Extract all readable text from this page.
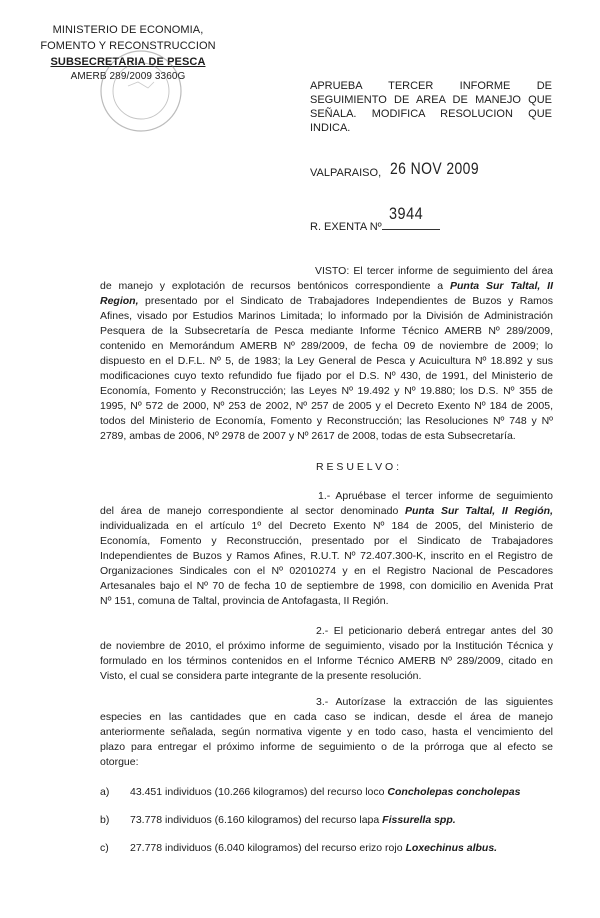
MINISTERIO DE ECONOMIA,
FOMENTO Y RECONSTRUCCION
SUBSECRETARIA DE PESCA
AMERB 289/2009 3360G
APRUEBA TERCER INFORME DE
SEGUIMIENTO DE AREA DE MANEJO QUE
SEÑALA. MODIFICA RESOLUCION QUE
INDICA.
VALPARAISO, 26 NOV 2009
R. EXENTA Nº
3944
VISTO: El tercer informe de seguimiento del área
de manejo y explotación de recursos bentónicos correspondiente a Punta Sur Taltal, II
Region, presentado por el Sindicato de Trabajadores Independientes de Buzos y Ramos
Afines, visado por Estudios Marinos Limitada; lo informado por la División de Administración
Pesquera de la Subsecretaría de Pesca mediante Informe Técnico AMERB Nº 289/2009,
contenido en Memorándum AMERB Nº 289/2009, de fecha 09 de noviembre de 2009; lo
dispuesto en el D.F.L. Nº 5, de 1983; la Ley General de Pesca y Acuicultura Nº 18.892 y sus
modificaciones cuyo texto refundido fue fijado por el D.S. Nº 430, de 1991, del Ministerio de
Economía, Fomento y Reconstrucción; las Leyes Nº 19.492 y Nº 19.880; los D.S. Nº 355 de
1995, Nº 572 de 2000, Nº 253 de 2002, Nº 257 de 2005 y el Decreto Exento Nº 184 de 2005,
todos del Ministerio de Economía, Fomento y Reconstrucción; las Resoluciones Nº 748 y Nº
2789, ambas de 2006, Nº 2978 de 2007 y Nº 2617 de 2008, todas de esta Subsecretaría.
R E S U E L V O :
1.- Apruébase el tercer informe de seguimiento
del área de manejo correspondiente al sector denominado Punta Sur Taltal, II Región,
individualizada en el artículo 1º del Decreto Exento Nº 184 de 2005, del Ministerio de
Economía, Fomento y Reconstrucción, presentado por el Sindicato de Trabajadores
Independientes de Buzos y Ramos Afines, R.U.T. Nº 72.407.300-K, inscrito en el Registro de
Organizaciones Sindicales con el Nº 02010274 y en el Registro Nacional de Pescadores
Artesanales bajo el Nº 70 de fecha 10 de septiembre de 1998, con domicilio en Avenida Prat
Nº 151, comuna de Taltal, provincia de Antofagasta, II Región.
2.- El peticionario deberá entregar antes del 30
de noviembre de 2010, el próximo informe de seguimiento, visado por la Institución Técnica y
formulado en los términos contenidos en el Informe Técnico AMERB Nº 289/2009, citado en
Visto, el cual se considera parte integrante de la presente resolución.
3.- Autorízase la extracción de las siguientes
especies en las cantidades que en cada caso se indican, desde el área de manejo
anteriormente señalada, según normativa vigente y en todo caso, hasta el vencimiento del
plazo para entregar el próximo informe de seguimiento o de la prórroga que al efecto se
otorgue:
a) 43.451 individuos (10.266 kilogramos) del recurso loco Concholepas concholepas
b) 73.778 individuos (6.160 kilogramos) del recurso lapa Fissurella spp.
c) 27.778 individuos (6.040 kilogramos) del recurso erizo rojo Loxechinus albus.
